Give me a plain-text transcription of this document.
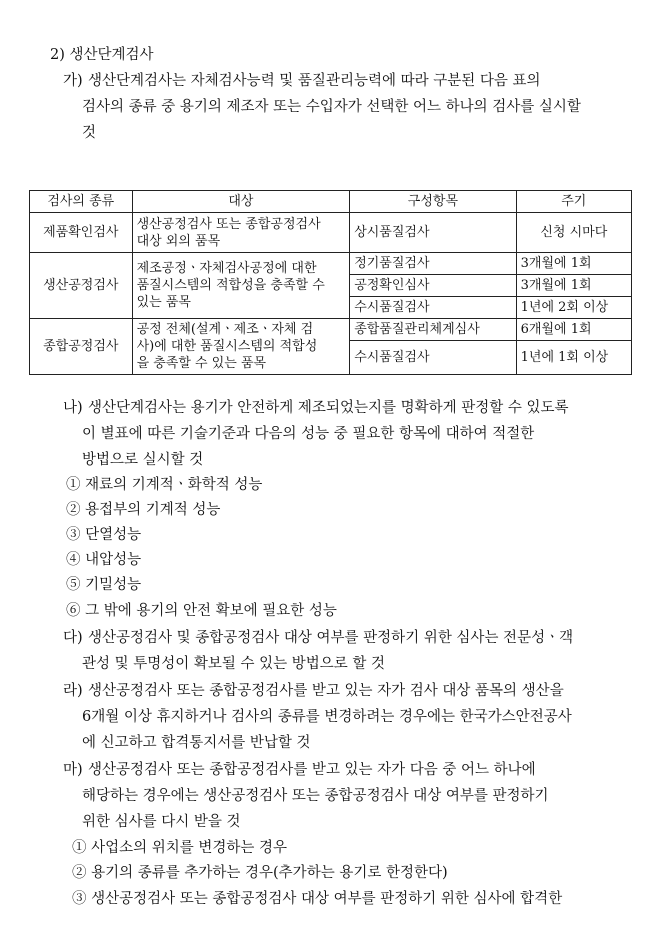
2) 생산단계검사
가) 생산단계검사는 자체검사능력 및 품질관리능력에 따라 구분된 다음 표의
검사의 종류 중 용기의 제조자 또는 수입자가 선택한 어느 하나의 검사를 실시할
것
검사의 종류	대상	구성항목	주기
제품확인검사	생산공정검사 또는 종합공정검사
대상 외의 품목	상시품질검사	신청 시마다
생산공정검사	제조공정ㆍ자체검사공정에 대한
품질시스템의 적합성을 충족할 수
있는 품목	정기품질검사	3개월에 1회
		공정확인심사	3개월에 1회
		수시품질검사	1년에 2회 이상
종합공정검사	공정 전체(설계ㆍ제조ㆍ자체 검
사)에 대한 품질시스템의 적합성
을 충족할 수 있는 품목	종합품질관리체계심사	6개월에 1회
		수시품질검사	1년에 1회 이상
나) 생산단계검사는 용기가 안전하게 제조되었는지를 명확하게 판정할 수 있도록
이 별표에 따른 기술기준과 다음의 성능 중 필요한 항목에 대하여 적절한
방법으로 실시할 것
① 재료의 기계적ㆍ화학적 성능
② 용접부의 기계적 성능
③ 단열성능
④ 내압성능
⑤ 기밀성능
⑥ 그 밖에 용기의 안전 확보에 필요한 성능
다) 생산공정검사 및 종합공정검사 대상 여부를 판정하기 위한 심사는 전문성ㆍ객
관성 및 투명성이 확보될 수 있는 방법으로 할 것
라) 생산공정검사 또는 종합공정검사를 받고 있는 자가 검사 대상 품목의 생산을
6개월 이상 휴지하거나 검사의 종류를 변경하려는 경우에는 한국가스안전공사
에 신고하고 합격통지서를 반납할 것
마) 생산공정검사 또는 종합공정검사를 받고 있는 자가 다음 중 어느 하나에
해당하는 경우에는 생산공정검사 또는 종합공정검사 대상 여부를 판정하기
위한 심사를 다시 받을 것
① 사업소의 위치를 변경하는 경우
② 용기의 종류를 추가하는 경우(추가하는 용기로 한정한다)
③ 생산공정검사 또는 종합공정검사 대상 여부를 판정하기 위한 심사에 합격한
